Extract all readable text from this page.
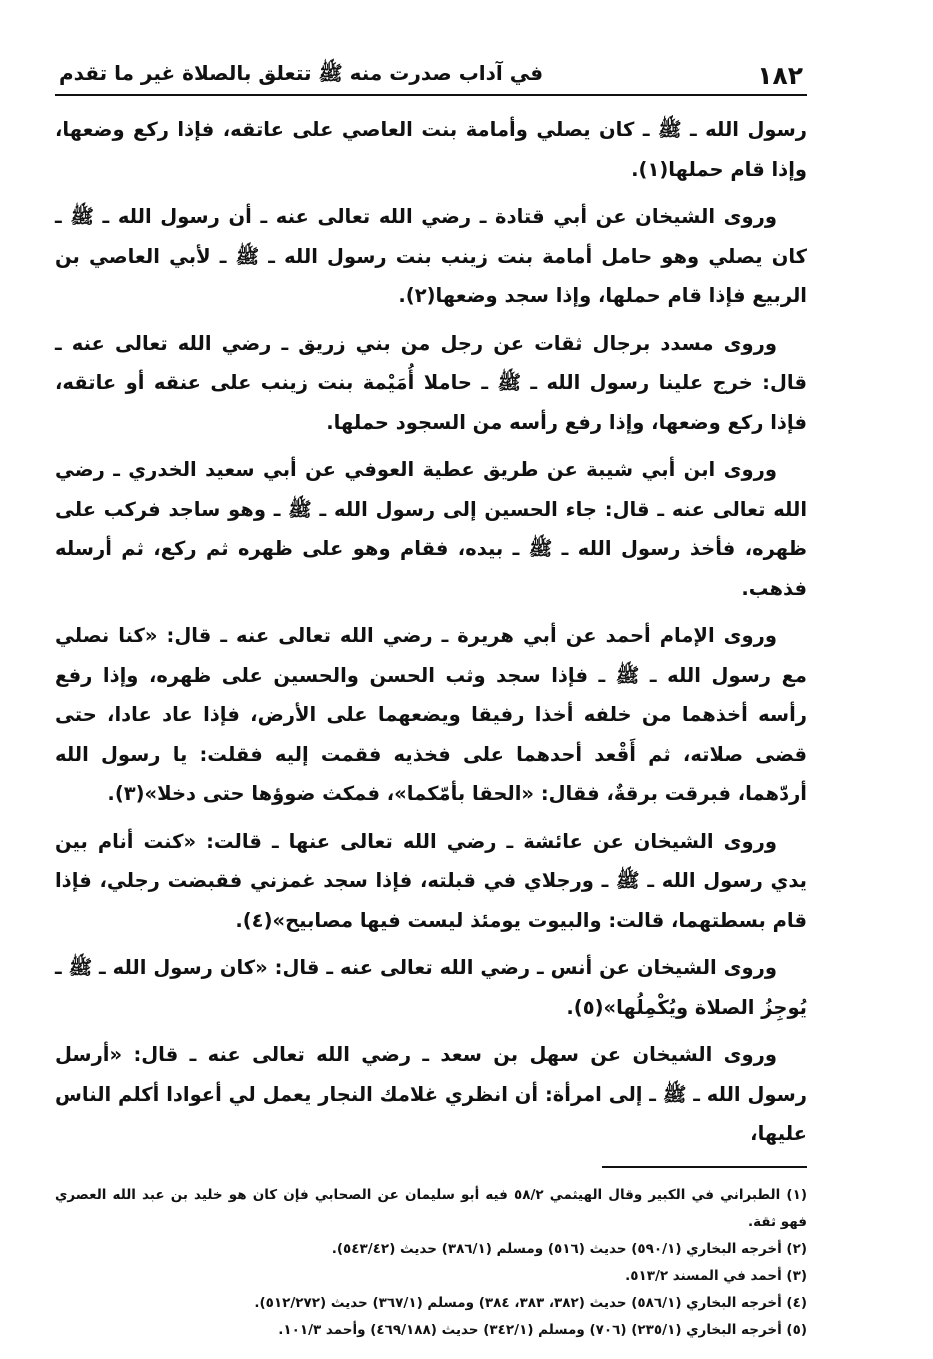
١٨٢
في آداب صدرت منه ﷺ تتعلق بالصلاة غير ما تقدم

رسول الله ـ ﷺ ـ كان يصلي وأمامة بنت العاصي على عاتقه، فإذا ركع وضعها، وإذا قام حملها(١).

وروى الشيخان عن أبي قتادة ـ رضي الله تعالى عنه ـ أن رسول الله ـ ﷺ ـ كان يصلي وهو حامل أمامة بنت زينب بنت رسول الله ـ ﷺ ـ لأبي العاصي بن الربيع فإذا قام حملها، وإذا سجد وضعها(٢).

وروى مسدد برجال ثقات عن رجل من بني زريق ـ رضي الله تعالى عنه ـ قال: خرج علينا رسول الله ـ ﷺ ـ حاملا أُمَيْمة بنت زينب على عنقه أو عاتقه، فإذا ركع وضعها، وإذا رفع رأسه من السجود حملها.

وروى ابن أبي شيبة عن طريق عطية العوفي عن أبي سعيد الخدري ـ رضي الله تعالى عنه ـ قال: جاء الحسين إلى رسول الله ـ ﷺ ـ وهو ساجد فركب على ظهره، فأخذ رسول الله ـ ﷺ ـ بيده، فقام وهو على ظهره ثم ركع، ثم أرسله فذهب.

وروى الإمام أحمد عن أبي هريرة ـ رضي الله تعالى عنه ـ قال: «كنا نصلي مع رسول الله ـ ﷺ ـ فإذا سجد وثب الحسن والحسين على ظهره، وإذا رفع رأسه أخذهما من خلفه أخذا رفيقا ويضعهما على الأرض، فإذا عاد عادا، حتى قضى صلاته، ثم أَقْعد أحدهما على فخذيه فقمت إليه فقلت: يا رسول الله أردّهما، فبرقت برقةٌ، فقال: «الحقا بأمّكما»، فمكث ضوؤها حتى دخلا»(٣).

وروى الشيخان عن عائشة ـ رضي الله تعالى عنها ـ قالت: «كنت أنام بين يدي رسول الله ـ ﷺ ـ ورجلاي في قبلته، فإذا سجد غمزني فقبضت رجلي، فإذا قام بسطتهما، قالت: والبيوت يومئذ ليست فيها مصابيح»(٤).

وروى الشيخان عن أنس ـ رضي الله تعالى عنه ـ قال: «كان رسول الله ـ ﷺ ـ يُوجِزُ الصلاة ويُكْمِلُها»(٥).

وروى الشيخان عن سهل بن سعد ـ رضي الله تعالى عنه ـ قال: «أرسل رسول الله ـ ﷺ ـ إلى امرأة: أن انظري غلامك النجار يعمل لي أعوادا أكلم الناس عليها،

(١) الطبراني في الكبير وقال الهيثمي ٥٨/٢ فيه أبو سليمان عن الصحابي فإن كان هو خليد بن عبد الله العصري فهو ثقة.

(٢) أخرجه البخاري (٥٩٠/١) حديث (٥١٦) ومسلم (٣٨٦/١) حديث (٥٤٣/٤٢).

(٣) أحمد في المسند ٥١٣/٢.

(٤) أخرجه البخاري (٥٨٦/١) حديث (٣٨٢، ٣٨٣، ٣٨٤) ومسلم (٣٦٧/١) حديث (٥١٢/٢٧٢).

(٥) أخرجه البخاري (٢٣٥/١) (٧٠٦) ومسلم (٣٤٢/١) حديث (٤٦٩/١٨٨) وأحمد ١٠١/٣.
